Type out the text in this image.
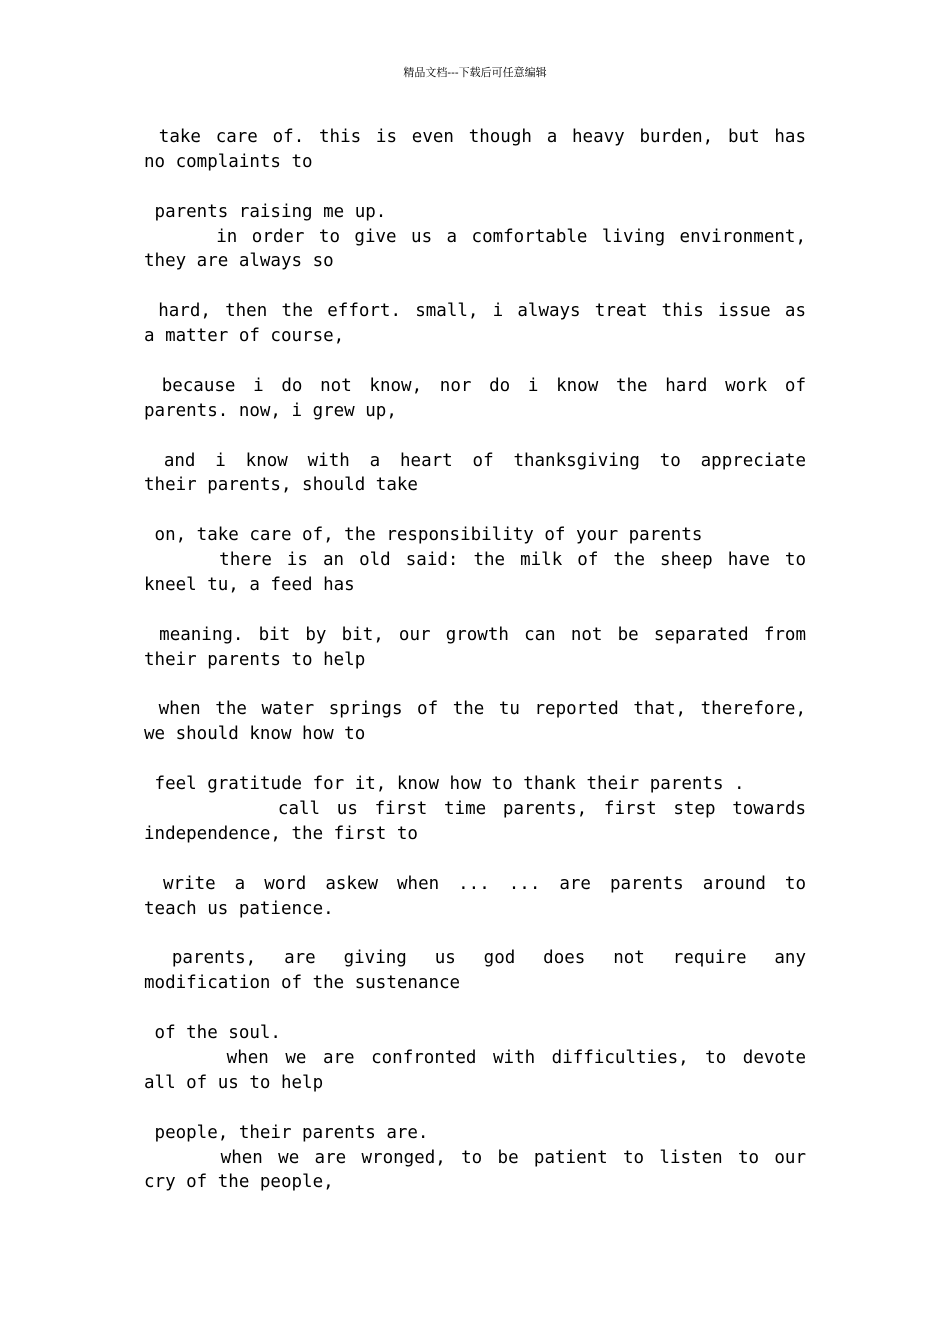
精品文档---下载后可任意编辑
take care of. this is even though a heavy burden, but has
no complaints to
parents raising me up.
in order to give us a comfortable living environment,
they are always so
hard, then the effort. small, i always treat this issue as
a matter of course,
because i do not know, nor do i know the hard work of
parents. now, i grew up,
and i know with a heart of thanksgiving to appreciate
their parents, should take
on, take care of, the responsibility of your parents
there is an old said: the milk of the sheep have to
kneel tu, a feed has
meaning. bit by bit, our growth can not be separated from
their parents to help
when the water springs of the tu reported that, therefore,
we should know how to
feel gratitude for it, know how to thank their parents .
call us first time parents, first step towards
independence, the first to
write a word askew when ... ... are parents around to
teach us patience.
parents, are giving us god does not require any
modification of the sustenance
of the soul.
when we are confronted with difficulties, to devote
all of us to help
people, their parents are.
when we are wronged, to be patient to listen to our
cry of the people,
